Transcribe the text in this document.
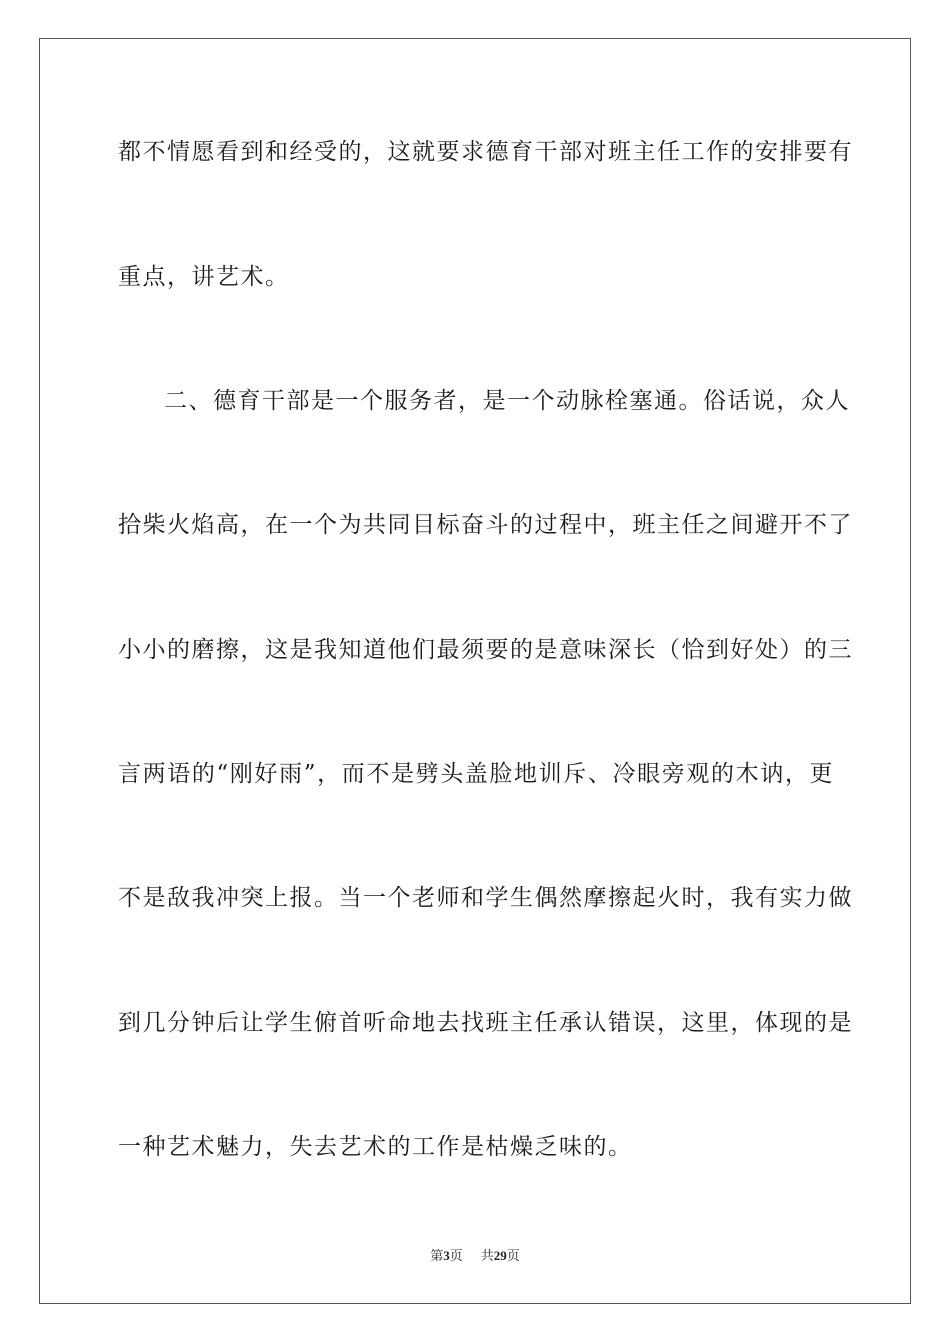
都不情愿看到和经受的，这就要求德育干部对班主任工作的安排要有
重点，讲艺术。
二、德育干部是一个服务者，是一个动脉栓塞通。俗话说，众人
拾柴火焰高，在一个为共同目标奋斗的过程中，班主任之间避开不了
小小的磨擦，这是我知道他们最须要的是意味深长（恰到好处）的三
言两语的“刚好雨”，而不是劈头盖脸地训斥、冷眼旁观的木讷，更
不是敌我冲突上报。当一个老师和学生偶然摩擦起火时，我有实力做
到几分钟后让学生俯首听命地去找班主任承认错误，这里，体现的是
一种艺术魅力，失去艺术的工作是枯燥乏味的。
第3页 共29页
